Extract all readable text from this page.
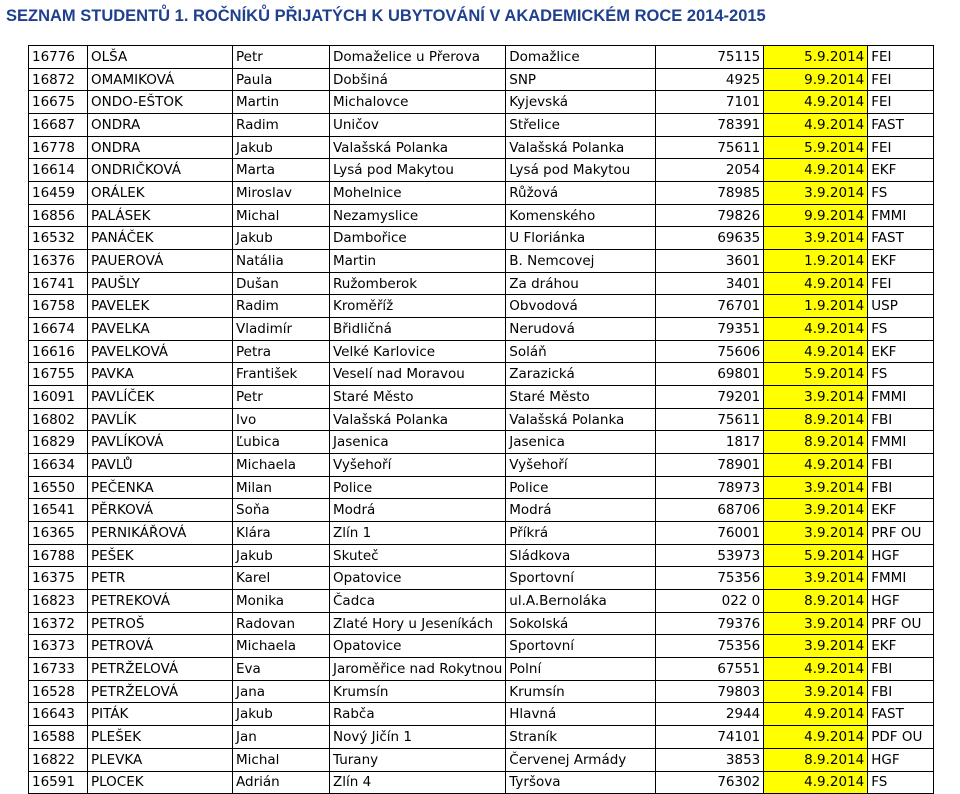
SEZNAM STUDENTŮ 1. ROČNÍKŮ PŘIJATÝCH K UBYTOVÁNÍ V AKADEMICKÉM ROCE 2014-2015
16776	OLŠA	Petr	Domaželice u Přerova	Domažlice	75115	5.9.2014	FEI
16872	OMAMIKOVÁ	Paula	Dobšiná	SNP	4925	9.9.2014	FEI
16675	ONDO-EŠTOK	Martin	Michalovce	Kyjevská	7101	4.9.2014	FEI
16687	ONDRA	Radim	Uničov	Střelice	78391	4.9.2014	FAST
16778	ONDRA	Jakub	Valašská Polanka	Valašská Polanka	75611	5.9.2014	FEI
16614	ONDRIČKOVÁ	Marta	Lysá pod Makytou	Lysá pod Makytou	2054	4.9.2014	EKF
16459	ORÁLEK	Miroslav	Mohelnice	Růžová	78985	3.9.2014	FS
16856	PALÁSEK	Michal	Nezamyslice	Komenského	79826	9.9.2014	FMMI
16532	PANÁČEK	Jakub	Dambořice	U Floriánka	69635	3.9.2014	FAST
16376	PAUEROVÁ	Natália	Martin	B. Nemcovej	3601	1.9.2014	EKF
16741	PAUŠLY	Dušan	Ružomberok	Za dráhou	3401	4.9.2014	FEI
16758	PAVELEK	Radim	Kroměříž	Obvodová	76701	1.9.2014	USP
16674	PAVELKA	Vladimír	Břidličná	Nerudová	79351	4.9.2014	FS
16616	PAVELKOVÁ	Petra	Velké Karlovice	Soláň	75606	4.9.2014	EKF
16755	PAVKA	František	Veselí nad Moravou	Zarazická	69801	5.9.2014	FS
16091	PAVLÍČEK	Petr	Staré Město	Staré Město	79201	3.9.2014	FMMI
16802	PAVLÍK	Ivo	Valašská Polanka	Valašská Polanka	75611	8.9.2014	FBI
16829	PAVLÍKOVÁ	Ľubica	Jasenica	Jasenica	1817	8.9.2014	FMMI
16634	PAVLŮ	Michaela	Vyšehoří	Vyšehoří	78901	4.9.2014	FBI
16550	PEČENKA	Milan	Police	Police	78973	3.9.2014	FBI
16541	PĚRKOVÁ	Soňa	Modrá	Modrá	68706	3.9.2014	EKF
16365	PERNIKÁŘOVÁ	Klára	Zlín 1	Příkrá	76001	3.9.2014	PRF OU
16788	PEŠEK	Jakub	Skuteč	Sládkova	53973	5.9.2014	HGF
16375	PETR	Karel	Opatovice	Sportovní	75356	3.9.2014	FMMI
16823	PETREKOVÁ	Monika	Čadca	ul.A.Bernoláka	022 0	8.9.2014	HGF
16372	PETROŠ	Radovan	Zlaté Hory u Jeseníkách	Sokolská	79376	3.9.2014	PRF OU
16373	PETROVÁ	Michaela	Opatovice	Sportovní	75356	3.9.2014	EKF
16733	PETRŽELOVÁ	Eva	Jaroměřice nad Rokytnou	Polní	67551	4.9.2014	FBI
16528	PETRŽELOVÁ	Jana	Krumsín	Krumsín	79803	3.9.2014	FBI
16643	PITÁK	Jakub	Rabča	Hlavná	2944	4.9.2014	FAST
16588	PLEŠEK	Jan	Nový Jičín 1	Straník	74101	4.9.2014	PDF OU
16822	PLEVKA	Michal	Turany	Červenej Armády	3853	8.9.2014	HGF
16591	PLOCEK	Adrián	Zlín 4	Tyršova	76302	4.9.2014	FS
